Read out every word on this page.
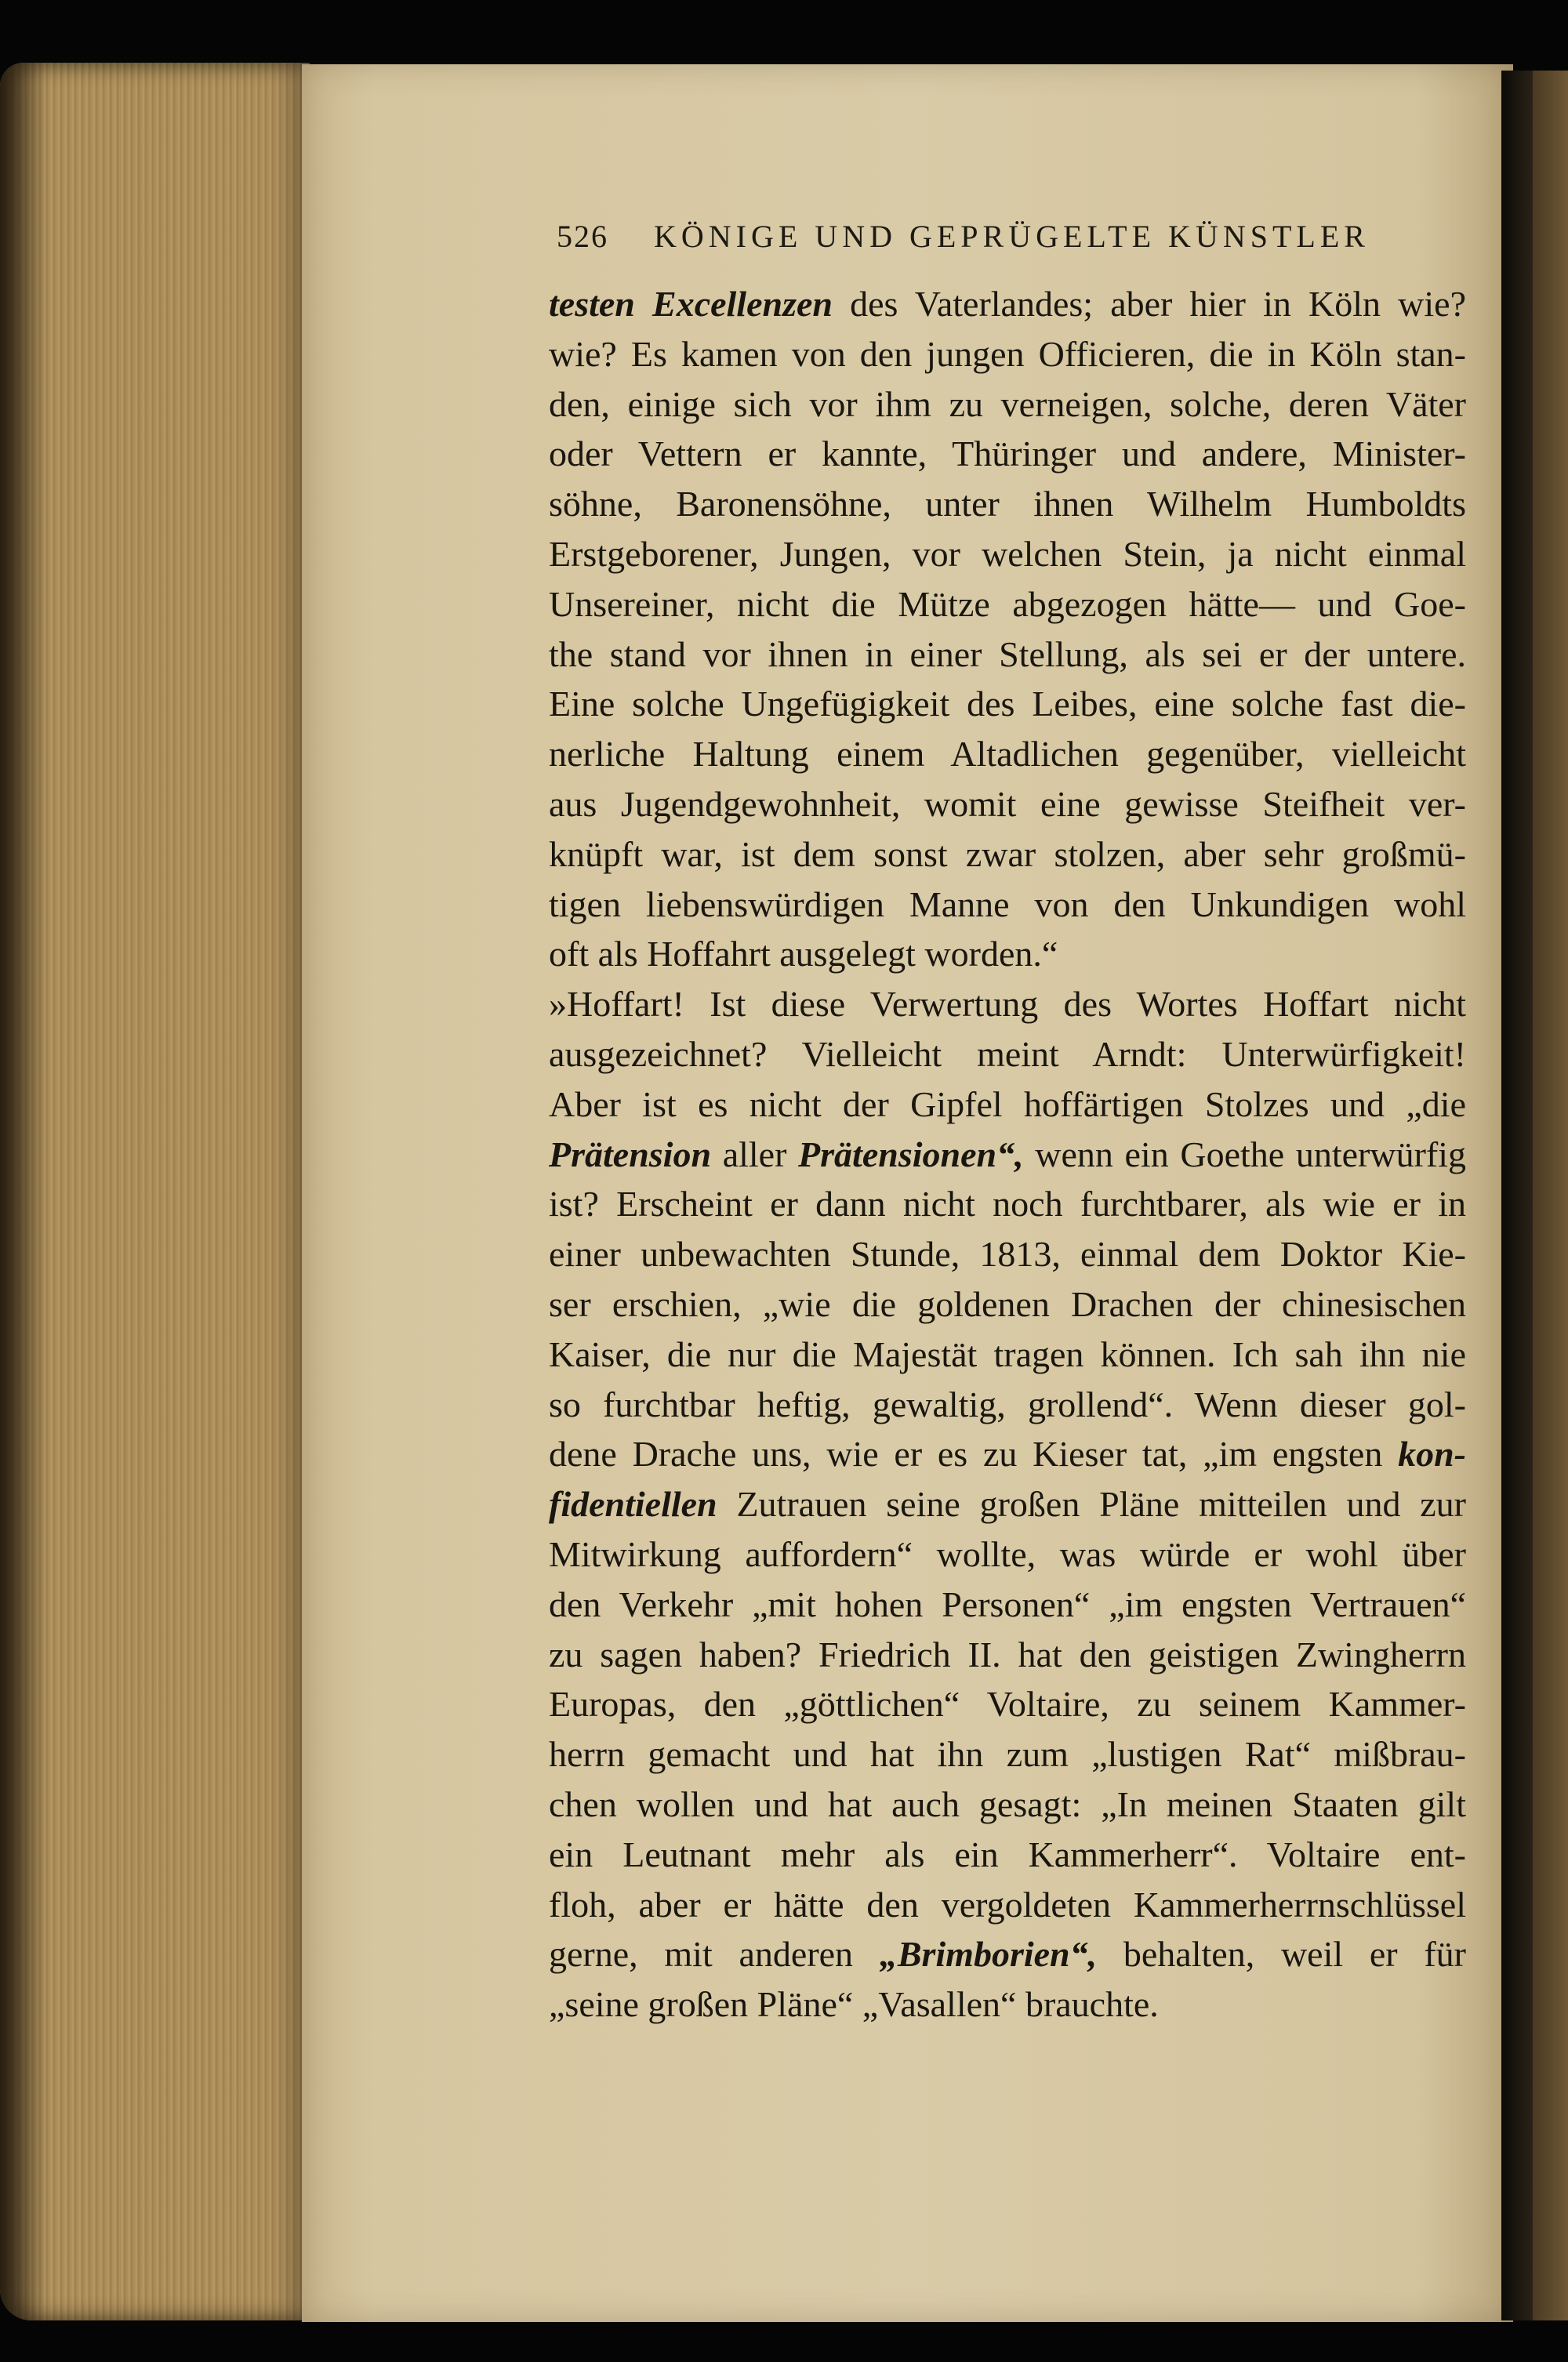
526 KÖNIGE UND GEPRÜGELTE KÜNSTLER
testen Excellenzen des Vaterlandes; aber hier in Köln wie?
wie? Es kamen von den jungen Officieren, die in Köln stan-
den, einige sich vor ihm zu verneigen, solche, deren Väter
oder Vettern er kannte, Thüringer und andere, Minister-
söhne, Baronensöhne, unter ihnen Wilhelm Humboldts
Erstgeborener, Jungen, vor welchen Stein, ja nicht einmal
Unsereiner, nicht die Mütze abgezogen hätte— und Goe-
the stand vor ihnen in einer Stellung, als sei er der untere.
Eine solche Ungefügigkeit des Leibes, eine solche fast die-
nerliche Haltung einem Altadlichen gegenüber, vielleicht
aus Jugendgewohnheit, womit eine gewisse Steifheit ver-
knüpft war, ist dem sonst zwar stolzen, aber sehr großmü-
tigen liebenswürdigen Manne von den Unkundigen wohl
oft als Hoffahrt ausgelegt worden.“
»Hoffart! Ist diese Verwertung des Wortes Hoffart nicht
ausgezeichnet? Vielleicht meint Arndt: Unterwürfigkeit!
Aber ist es nicht der Gipfel hoffärtigen Stolzes und „die
Prätension aller Prätensionen“, wenn ein Goethe unterwürfig
ist? Erscheint er dann nicht noch furchtbarer, als wie er in
einer unbewachten Stunde, 1813, einmal dem Doktor Kie-
ser erschien, „wie die goldenen Drachen der chinesischen
Kaiser, die nur die Majestät tragen können. Ich sah ihn nie
so furchtbar heftig, gewaltig, grollend“. Wenn dieser gol-
dene Drache uns, wie er es zu Kieser tat, „im engsten kon-
fidentiellen Zutrauen seine großen Pläne mitteilen und zur
Mitwirkung auffordern“ wollte, was würde er wohl über
den Verkehr „mit hohen Personen“ „im engsten Vertrauen“
zu sagen haben? Friedrich II. hat den geistigen Zwingherrn
Europas, den „göttlichen“ Voltaire, zu seinem Kammer-
herrn gemacht und hat ihn zum „lustigen Rat“ mißbrau-
chen wollen und hat auch gesagt: „In meinen Staaten gilt
ein Leutnant mehr als ein Kammerherr“. Voltaire ent-
floh, aber er hätte den vergoldeten Kammerherrnschlüssel
gerne, mit anderen „Brimborien“, behalten, weil er für
„seine großen Pläne“ „Vasallen“ brauchte.
